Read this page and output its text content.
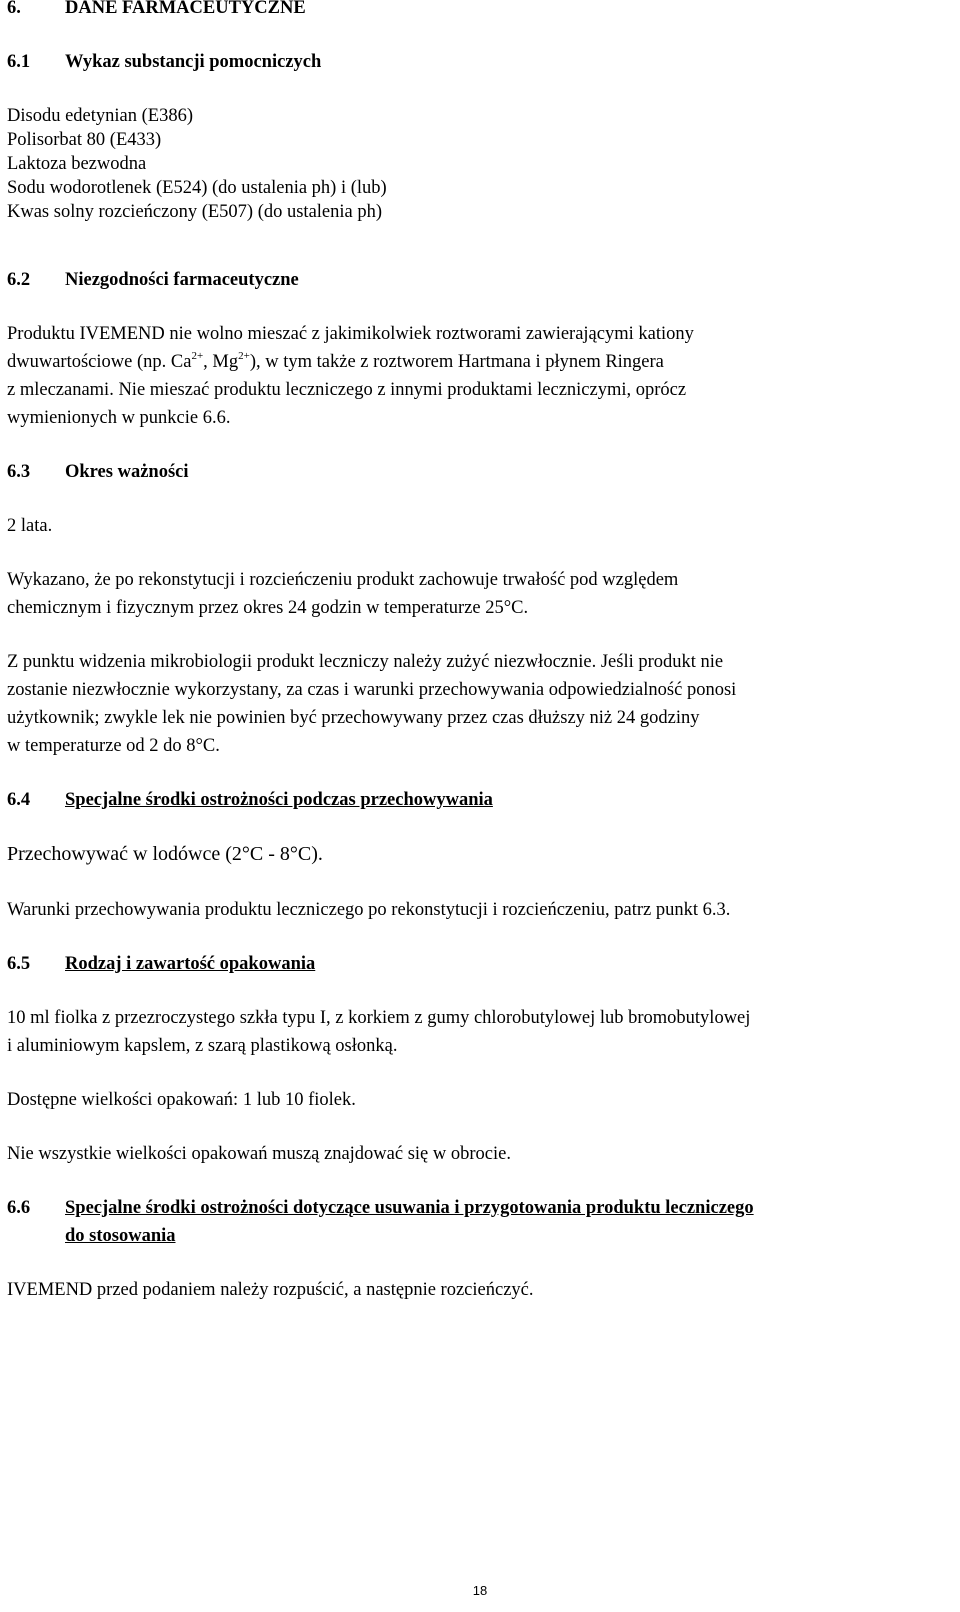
6. DANE FARMACEUTYCZNE
6.1 Wykaz substancji pomocniczych
Disodu edetynian (E386)
Polisorbat 80 (E433)
Laktoza bezwodna
Sodu wodorotlenek (E524) (do ustalenia ph) i (lub)
Kwas solny rozcieńczony (E507) (do ustalenia ph)
6.2 Niezgodności farmaceutyczne
Produktu IVEMEND nie wolno mieszać z jakimikolwiek roztworami zawierającymi kationy
dwuwartościowe (np. $Ca^{2+}$, $Mg^{2+}$), w tym także z roztworem Hartmana i płynem Ringera
z mleczanami. Nie mieszać produktu leczniczego z innymi produktami leczniczymi, oprócz
wymienionych w punkcie 6.6.
6.3 Okres ważności
2 lata.
Wykazano, że po rekonstytucji i rozcieńczeniu produkt zachowuje trwałość pod względem
chemicznym i fizycznym przez okres 24 godzin w temperaturze 25°C.
Z punktu widzenia mikrobiologii produkt leczniczy należy zużyć niezwłocznie. Jeśli produkt nie
zostanie niezwłocznie wykorzystany, za czas i warunki przechowywania odpowiedzialność ponosi
użytkownik; zwykle lek nie powinien być przechowywany przez czas dłuższy niż 24 godziny
w temperaturze od 2 do 8°C.
6.4 Specjalne środki ostrożności podczas przechowywania
Przechowywać w lodówce (2°C - 8°C).
Warunki przechowywania produktu leczniczego po rekonstytucji i rozcieńczeniu, patrz punkt 6.3.
6.5 Rodzaj i zawartość opakowania
10 ml fiolka z przezroczystego szkła typu I, z korkiem z gumy chlorobutylowej lub bromobutylowej
i aluminiowym kapslem, z szarą plastikową osłonką.
Dostępne wielkości opakowań: 1 lub 10 fiolek.
Nie wszystkie wielkości opakowań muszą znajdować się w obrocie.
6.6 Specjalne środki ostrożności dotyczące usuwania i przygotowania produktu leczniczego
do stosowania
IVEMEND przed podaniem należy rozpuścić, a następnie rozcieńczyć.
18
